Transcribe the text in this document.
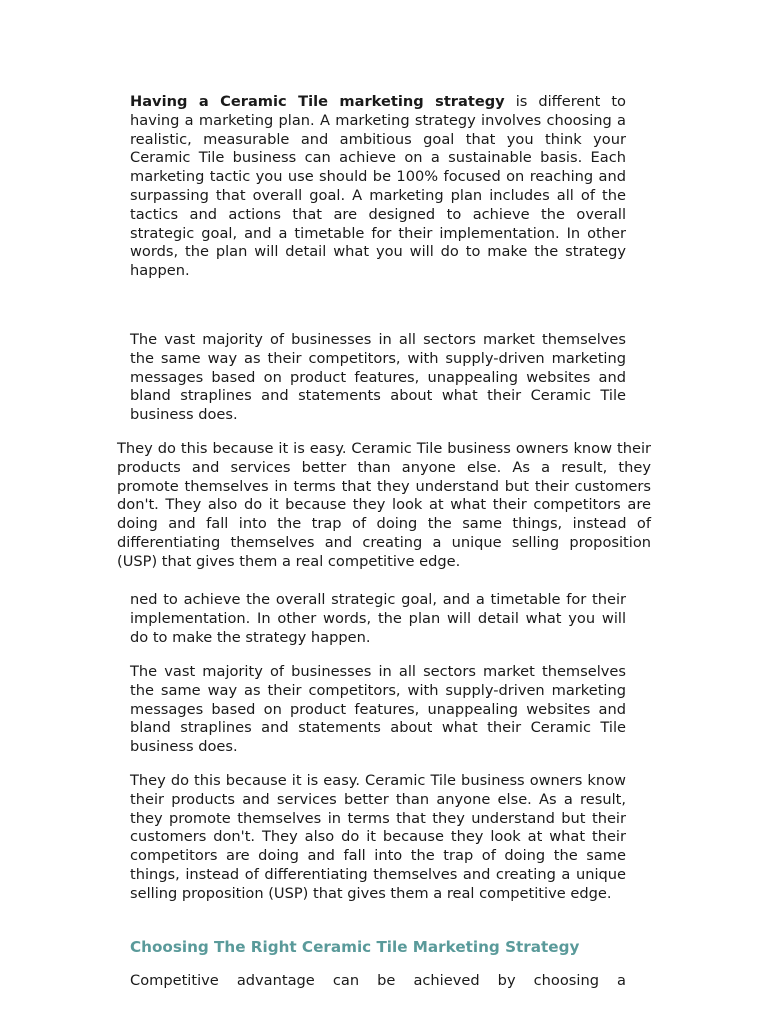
Having a Ceramic Tile marketing strategy is different to having a marketing plan. A marketing strategy involves choosing a realistic, measurable and ambitious goal that you think your Ceramic Tile business can achieve on a sustainable basis. Each marketing tactic you use should be 100% focused on reaching and surpassing that overall goal. A marketing plan includes all of the tactics and actions that are designed to achieve the overall strategic goal, and a timetable for their implementation. In other words, the plan will detail what you will do to make the strategy happen.

The vast majority of businesses in all sectors market themselves the same way as their competitors, with supply-driven marketing messages based on product features, unappealing websites and bland straplines and statements about what their Ceramic Tile business does.

They do this because it is easy. Ceramic Tile business owners know their products and services better than anyone else. As a result, they promote themselves in terms that they understand but their customers don't. They also do it because they look at what their competitors are doing and fall into the trap of doing the same things, instead of differentiating themselves and creating a unique selling proposition (USP) that gives them a real competitive edge.

ned to achieve the overall strategic goal, and a timetable for their implementation. In other words, the plan will detail what you will do to make the strategy happen.

The vast majority of businesses in all sectors market themselves the same way as their competitors, with supply-driven marketing messages based on product features, unappealing websites and bland straplines and statements about what their Ceramic Tile business does.

They do this because it is easy. Ceramic Tile business owners know their products and services better than anyone else. As a result, they promote themselves in terms that they understand but their customers don't. They also do it because they look at what their competitors are doing and fall into the trap of doing the same things, instead of differentiating themselves and creating a unique selling proposition (USP) that gives them a real competitive edge.

Choosing The Right Ceramic Tile Marketing Strategy

Competitive advantage can be achieved by choosing a
